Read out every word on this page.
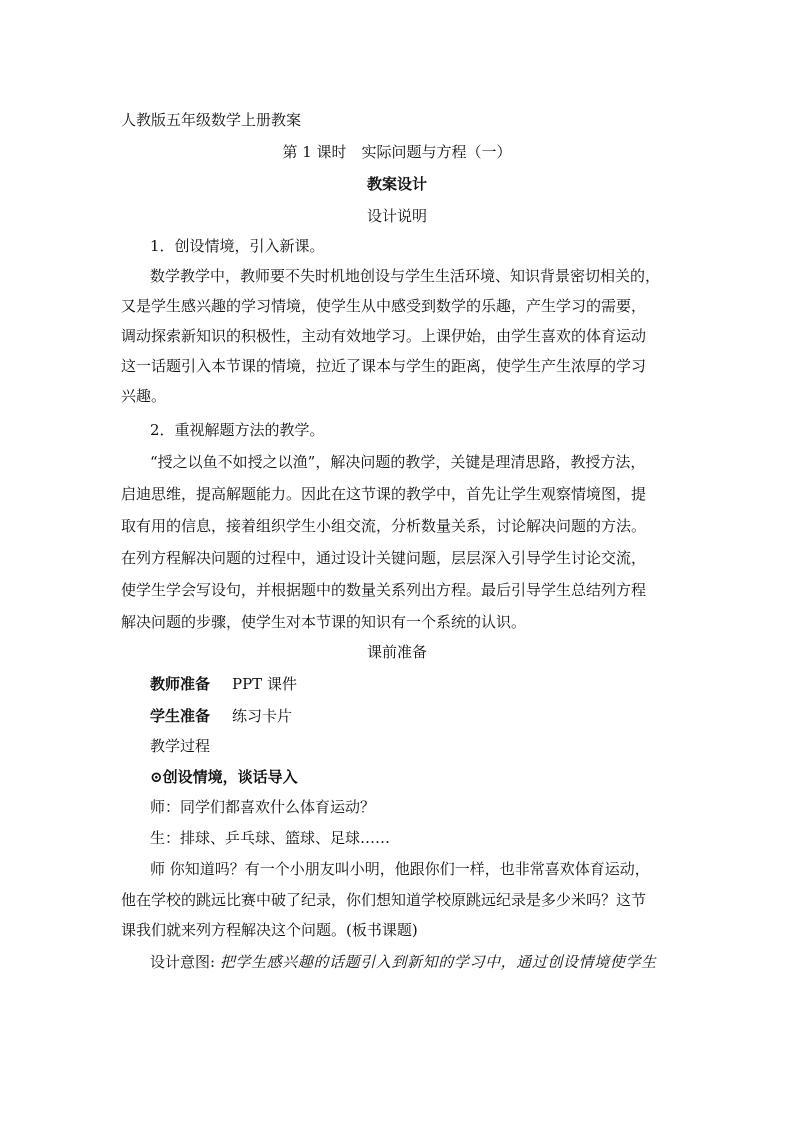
人教版五年级数学上册教案
第 1 课时　实际问题与方程（一）
教案设计
设计说明
1．创设情境，引入新课。
数学教学中，教师要不失时机地创设与学生生活环境、知识背景密切相关的，
又是学生感兴趣的学习情境，使学生从中感受到数学的乐趣，产生学习的需要，
调动探索新知识的积极性，主动有效地学习。上课伊始，由学生喜欢的体育运动
这一话题引入本节课的情境，拉近了课本与学生的距离，使学生产生浓厚的学习
兴趣。
2．重视解题方法的教学。
“授之以鱼不如授之以渔”，解决问题的教学，关键是理清思路，教授方法，
启迪思维，提高解题能力。因此在这节课的教学中，首先让学生观察情境图，提
取有用的信息，接着组织学生小组交流，分析数量关系，讨论解决问题的方法。
在列方程解决问题的过程中，通过设计关键问题，层层深入引导学生讨论交流，
使学生学会写设句，并根据题中的数量关系列出方程。最后引导学生总结列方程
解决问题的步骤，使学生对本节课的知识有一个系统的认识。
课前准备
教师准备 PPT 课件
学生准备 练习卡片
教学过程
⊙创设情境，谈话导入
师：同学们都喜欢什么体育运动？
生：排球、乒乓球、篮球、足球……
师 你知道吗？有一个小朋友叫小明，他跟你们一样，也非常喜欢体育运动，
他在学校的跳远比赛中破了纪录，你们想知道学校原跳远纪录是多少米吗？这节
课我们就来列方程解决这个问题。(板书课题)
设计意图: 把学生感兴趣的话题引入到新知的学习中，通过创设情境使学生
